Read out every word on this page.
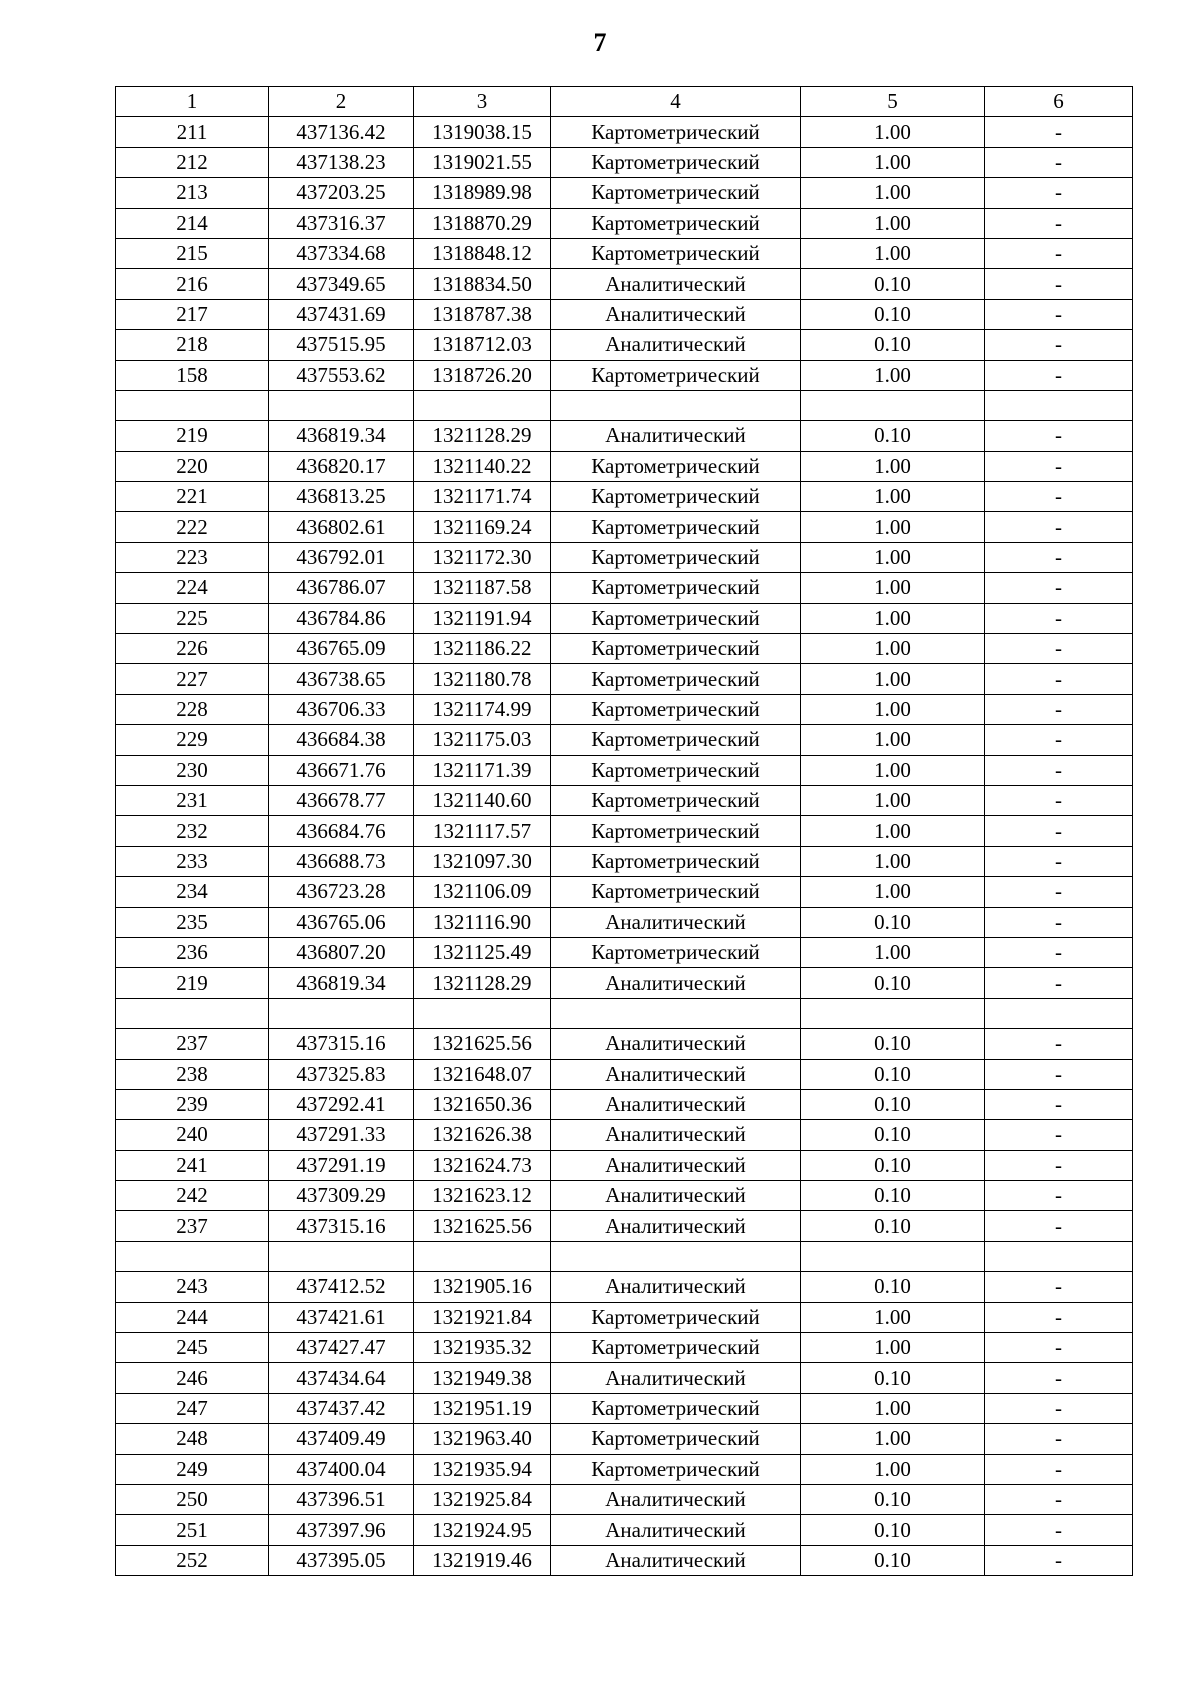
7
1	2	3	4	5	6
211	437136.42	1319038.15	Картометрический	1.00	-
212	437138.23	1319021.55	Картометрический	1.00	-
213	437203.25	1318989.98	Картометрический	1.00	-
214	437316.37	1318870.29	Картометрический	1.00	-
215	437334.68	1318848.12	Картометрический	1.00	-
216	437349.65	1318834.50	Аналитический	0.10	-
217	437431.69	1318787.38	Аналитический	0.10	-
218	437515.95	1318712.03	Аналитический	0.10	-
158	437553.62	1318726.20	Картометрический	1.00	-

219	436819.34	1321128.29	Аналитический	0.10	-
220	436820.17	1321140.22	Картометрический	1.00	-
221	436813.25	1321171.74	Картометрический	1.00	-
222	436802.61	1321169.24	Картометрический	1.00	-
223	436792.01	1321172.30	Картометрический	1.00	-
224	436786.07	1321187.58	Картометрический	1.00	-
225	436784.86	1321191.94	Картометрический	1.00	-
226	436765.09	1321186.22	Картометрический	1.00	-
227	436738.65	1321180.78	Картометрический	1.00	-
228	436706.33	1321174.99	Картометрический	1.00	-
229	436684.38	1321175.03	Картометрический	1.00	-
230	436671.76	1321171.39	Картометрический	1.00	-
231	436678.77	1321140.60	Картометрический	1.00	-
232	436684.76	1321117.57	Картометрический	1.00	-
233	436688.73	1321097.30	Картометрический	1.00	-
234	436723.28	1321106.09	Картометрический	1.00	-
235	436765.06	1321116.90	Аналитический	0.10	-
236	436807.20	1321125.49	Картометрический	1.00	-
219	436819.34	1321128.29	Аналитический	0.10	-

237	437315.16	1321625.56	Аналитический	0.10	-
238	437325.83	1321648.07	Аналитический	0.10	-
239	437292.41	1321650.36	Аналитический	0.10	-
240	437291.33	1321626.38	Аналитический	0.10	-
241	437291.19	1321624.73	Аналитический	0.10	-
242	437309.29	1321623.12	Аналитический	0.10	-
237	437315.16	1321625.56	Аналитический	0.10	-

243	437412.52	1321905.16	Аналитический	0.10	-
244	437421.61	1321921.84	Картометрический	1.00	-
245	437427.47	1321935.32	Картометрический	1.00	-
246	437434.64	1321949.38	Аналитический	0.10	-
247	437437.42	1321951.19	Картометрический	1.00	-
248	437409.49	1321963.40	Картометрический	1.00	-
249	437400.04	1321935.94	Картометрический	1.00	-
250	437396.51	1321925.84	Аналитический	0.10	-
251	437397.96	1321924.95	Аналитический	0.10	-
252	437395.05	1321919.46	Аналитический	0.10	-
